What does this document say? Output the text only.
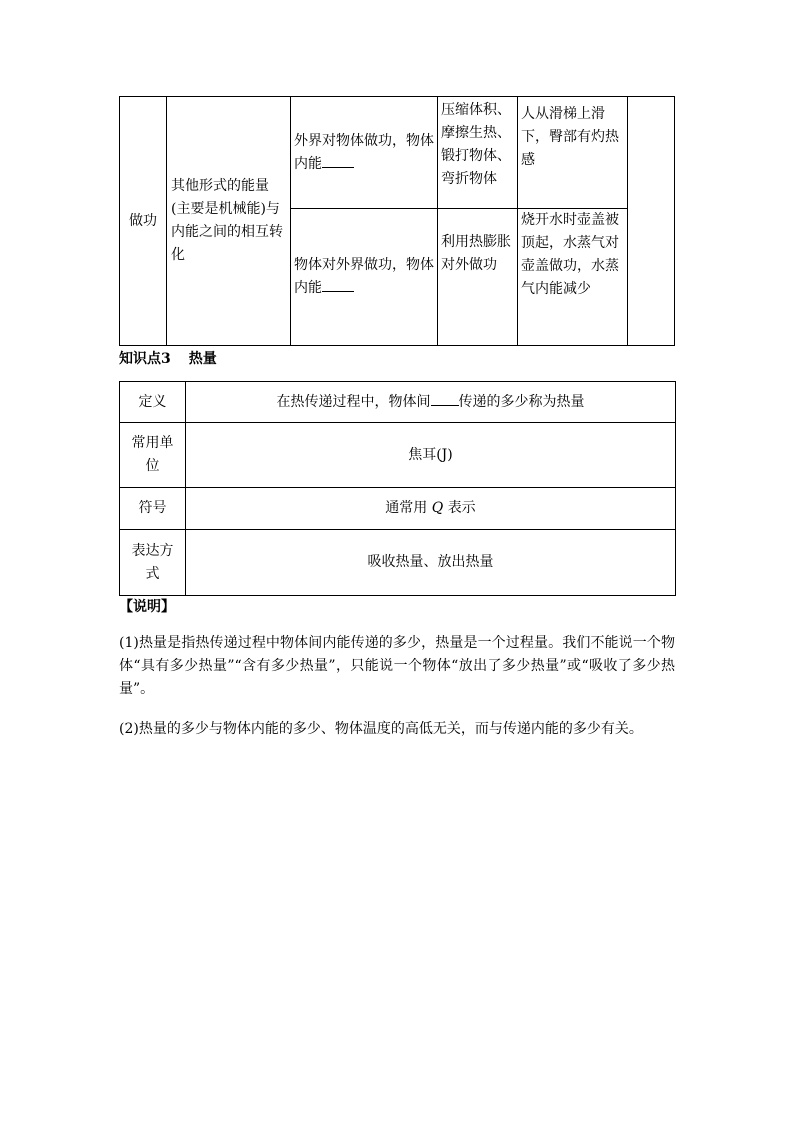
做功	其他形式的能量(主要是机械能)与内能之间的相互转化	外界对物体做功，物体内能	压缩体积、摩擦生热、锻打物体、弯折物体	人从滑梯上滑下，臀部有灼热感	
		物体对外界做功，物体内能	利用热膨胀对外做功	烧开水时壶盖被顶起，水蒸气对壶盖做功，水蒸气内能减少	
知识点3 热量
定义	在热传递过程中，物体间 传递的多少称为热量
常用单位	焦耳(J)
符号	通常用 Q 表示
表达方式	吸收热量、放出热量
【说明】
(1)热量是指热传递过程中物体间内能传递的多少，热量是一个过程量。我们不能说一个物体“具有多少热量”“含有多少热量”，只能说一个物体“放出了多少热量”或“吸收了多少热量”。
(2)热量的多少与物体内能的多少、物体温度的高低无关，而与传递内能的多少有关。
